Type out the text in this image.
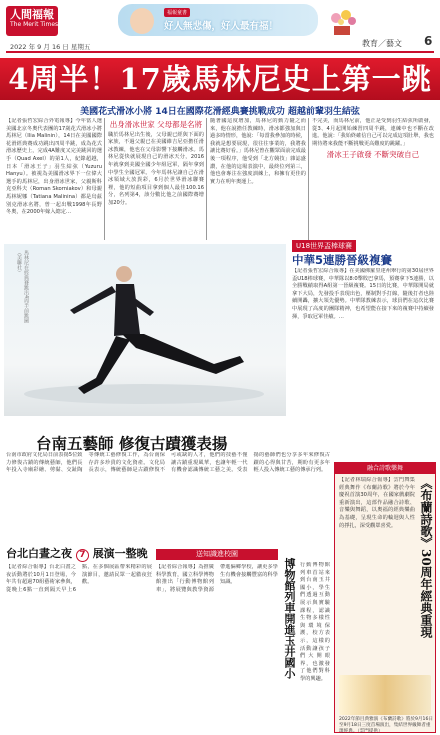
人間福報
The Merit Times
2022 年 9 月 16 日 星期五
福報童書
好人無悲傷，好人最有福！
教育／藝文 6
4周半！17歲馬林尼史上第一跳
美國花式滑冰小將 14日在國際花滑經典賽挑戰成功 超越前輩羽生結弦

【記者張哲宏綜合外電報導】今年當人選美國北京冬奧代表團的17歲花式滑冰小將馬林尼（Ilia Malinin），14日在美國國際花滑經典賽成功跳出四周半跳，成為花式滑冰歷史上，完成4A難度又完美跳回的選手（Quad Axel）的第1人，紀錄超越，日本「滑冰王子」羽生結弦（Yuzuru Hanyu）。被視為美國滑冰界下一位偉大選手的馬林尼，出身滑冰世家，父親斯科克亞科夫（Roman Skorniakov）和母親馬林妮娜（Tatiana Malinina）都是烏茲別克滑冰名將，曾一起出戰1998年長野冬奧，在2000年嫁入總定…

出身滑冰世家 父母都是名將

職於馬林尼出生後，父母親已經與下面的家族，不過父親已在美國維吉尼亞擔任滑冰教練，他也在父母影響下接觸滑冰。馬林尼從快就展現自己的滑冰天分，2016年就拿到美國全國少年組冠軍，隔年拿到中學生全國冠軍。今年馬林尼讓自己在滑冰領域大放異彩，6月於世界滑冰聯賽裡，他的短曲項目拿到個人最佳100.16分，名列第4，該分數比他之前國際賽增加20分。

隨著國這度增加，馬林尼的動力隨之而來，他在說擔任教練時，滑冰都強加與日過多時情形，他說：「每當我參加的時候，我就是想要展現，很往往事業的，我將我讓比賽好看。」馬林尼曾在觀眾面前完成最後一項程序，他受到「北方競技」雜誌盛讚，在他的這場表演中，最終位列第三，他也會專注在強度訓練上，和擁有更佳的實力在明年奧運上。

不完美，而馬林尼前，他正是受到羽生結弦所啟發，從3、4月起開始練習四周半跳，連練中也不斷在改進。他說：「我始終確信自己可以完成這項壯舉，我也期待將來我能不斷挑戰更高難度的跳躍。」

滑冰王子啟發 不斷突破自己
馬林尼在經典賽跳出4周半前跳圖（美聯社）
U18世界盃棒球賽
中華5連勝晉級複賽

【記者張哲宏綜合報導】在美國佛羅里達州舉行的第30屆世界盃U18棒球賽，中華隊以8:0擊敗巴拿馬，預賽拿下5連勝，以全勝戰績取得A組第一晉級複賽。15日的比賽，中華隊開局就拿下大局，先發投手表現出色，壓制對手打線，隨後打者也陸續開轟，擴大領先優勢。中華隊教練表示，球員們在這次比賽中展現了高度的團隊精神，也希望能在接下來的複賽中持續發揮，爭取冠軍佳績。…

台南五藝師 修復古蹟獲表揚

台南市政府文化局日前表揚5位致力修復古蹟的傳統藝師，他們長年投入寺廟彩繪、剪黏、交趾陶等傳統工藝修復工作，為台南保存許多珍貴的文化資產。文化局長表示，傳統藝師是古蹟修復不可或缺的人才，他們的技藝不僅讓古蹟重現風華，也讓年輕一代有機會認識傳統工藝之美。受表揚的藝師們也分享多年來修復古蹟的心得與甘苦，期盼有更多年輕人投入傳統工藝的傳承行列。

台北白晝之夜 7 展演一整晚

【記者綜合報導】台北白晝之夜活動將於10月1日登場，今年共有超過70組藝術家參與，從晚上6點一直到隔天早上6點，在多個展區帶來精彩的展演節目，邀請民眾一起徹夜狂歡。

送知識進校園

【記者綜合報導】為推廣科學教育，國立科學博物館推出「行動博物館列車」，將展覽與教學資源帶進偏鄉學校，讓更多學生有機會接觸豐富的科學知識。	博物館列車開進玉井國小 行動博物館列車首站來到台南玉井國小，學生們透過互動展示與實驗課程，認識生物多樣性與環境保護，校方表示，這樣的活動讓孩子們大開眼界，也激發了他們對科學的興趣。

融合詩歌樂舞
《布蘭詩歌》30周年經典重現

【記者林瑞綜合報導】雲門舞集經典舞作《布蘭詩歌》將於今年慶祝首演30周年，在國家戲劇院重新演出，這部作品融合詩歌、音樂與舞蹈，以奧福的經典樂曲為基礎，呈現生命的輪迴與人性的掙扎，深受觀眾喜愛。

2022年節目典雅演《布蘭詩歌》將於9月16日至9月18日三度首場演出，集結世界級舞者重現經典。（雲門提供）
